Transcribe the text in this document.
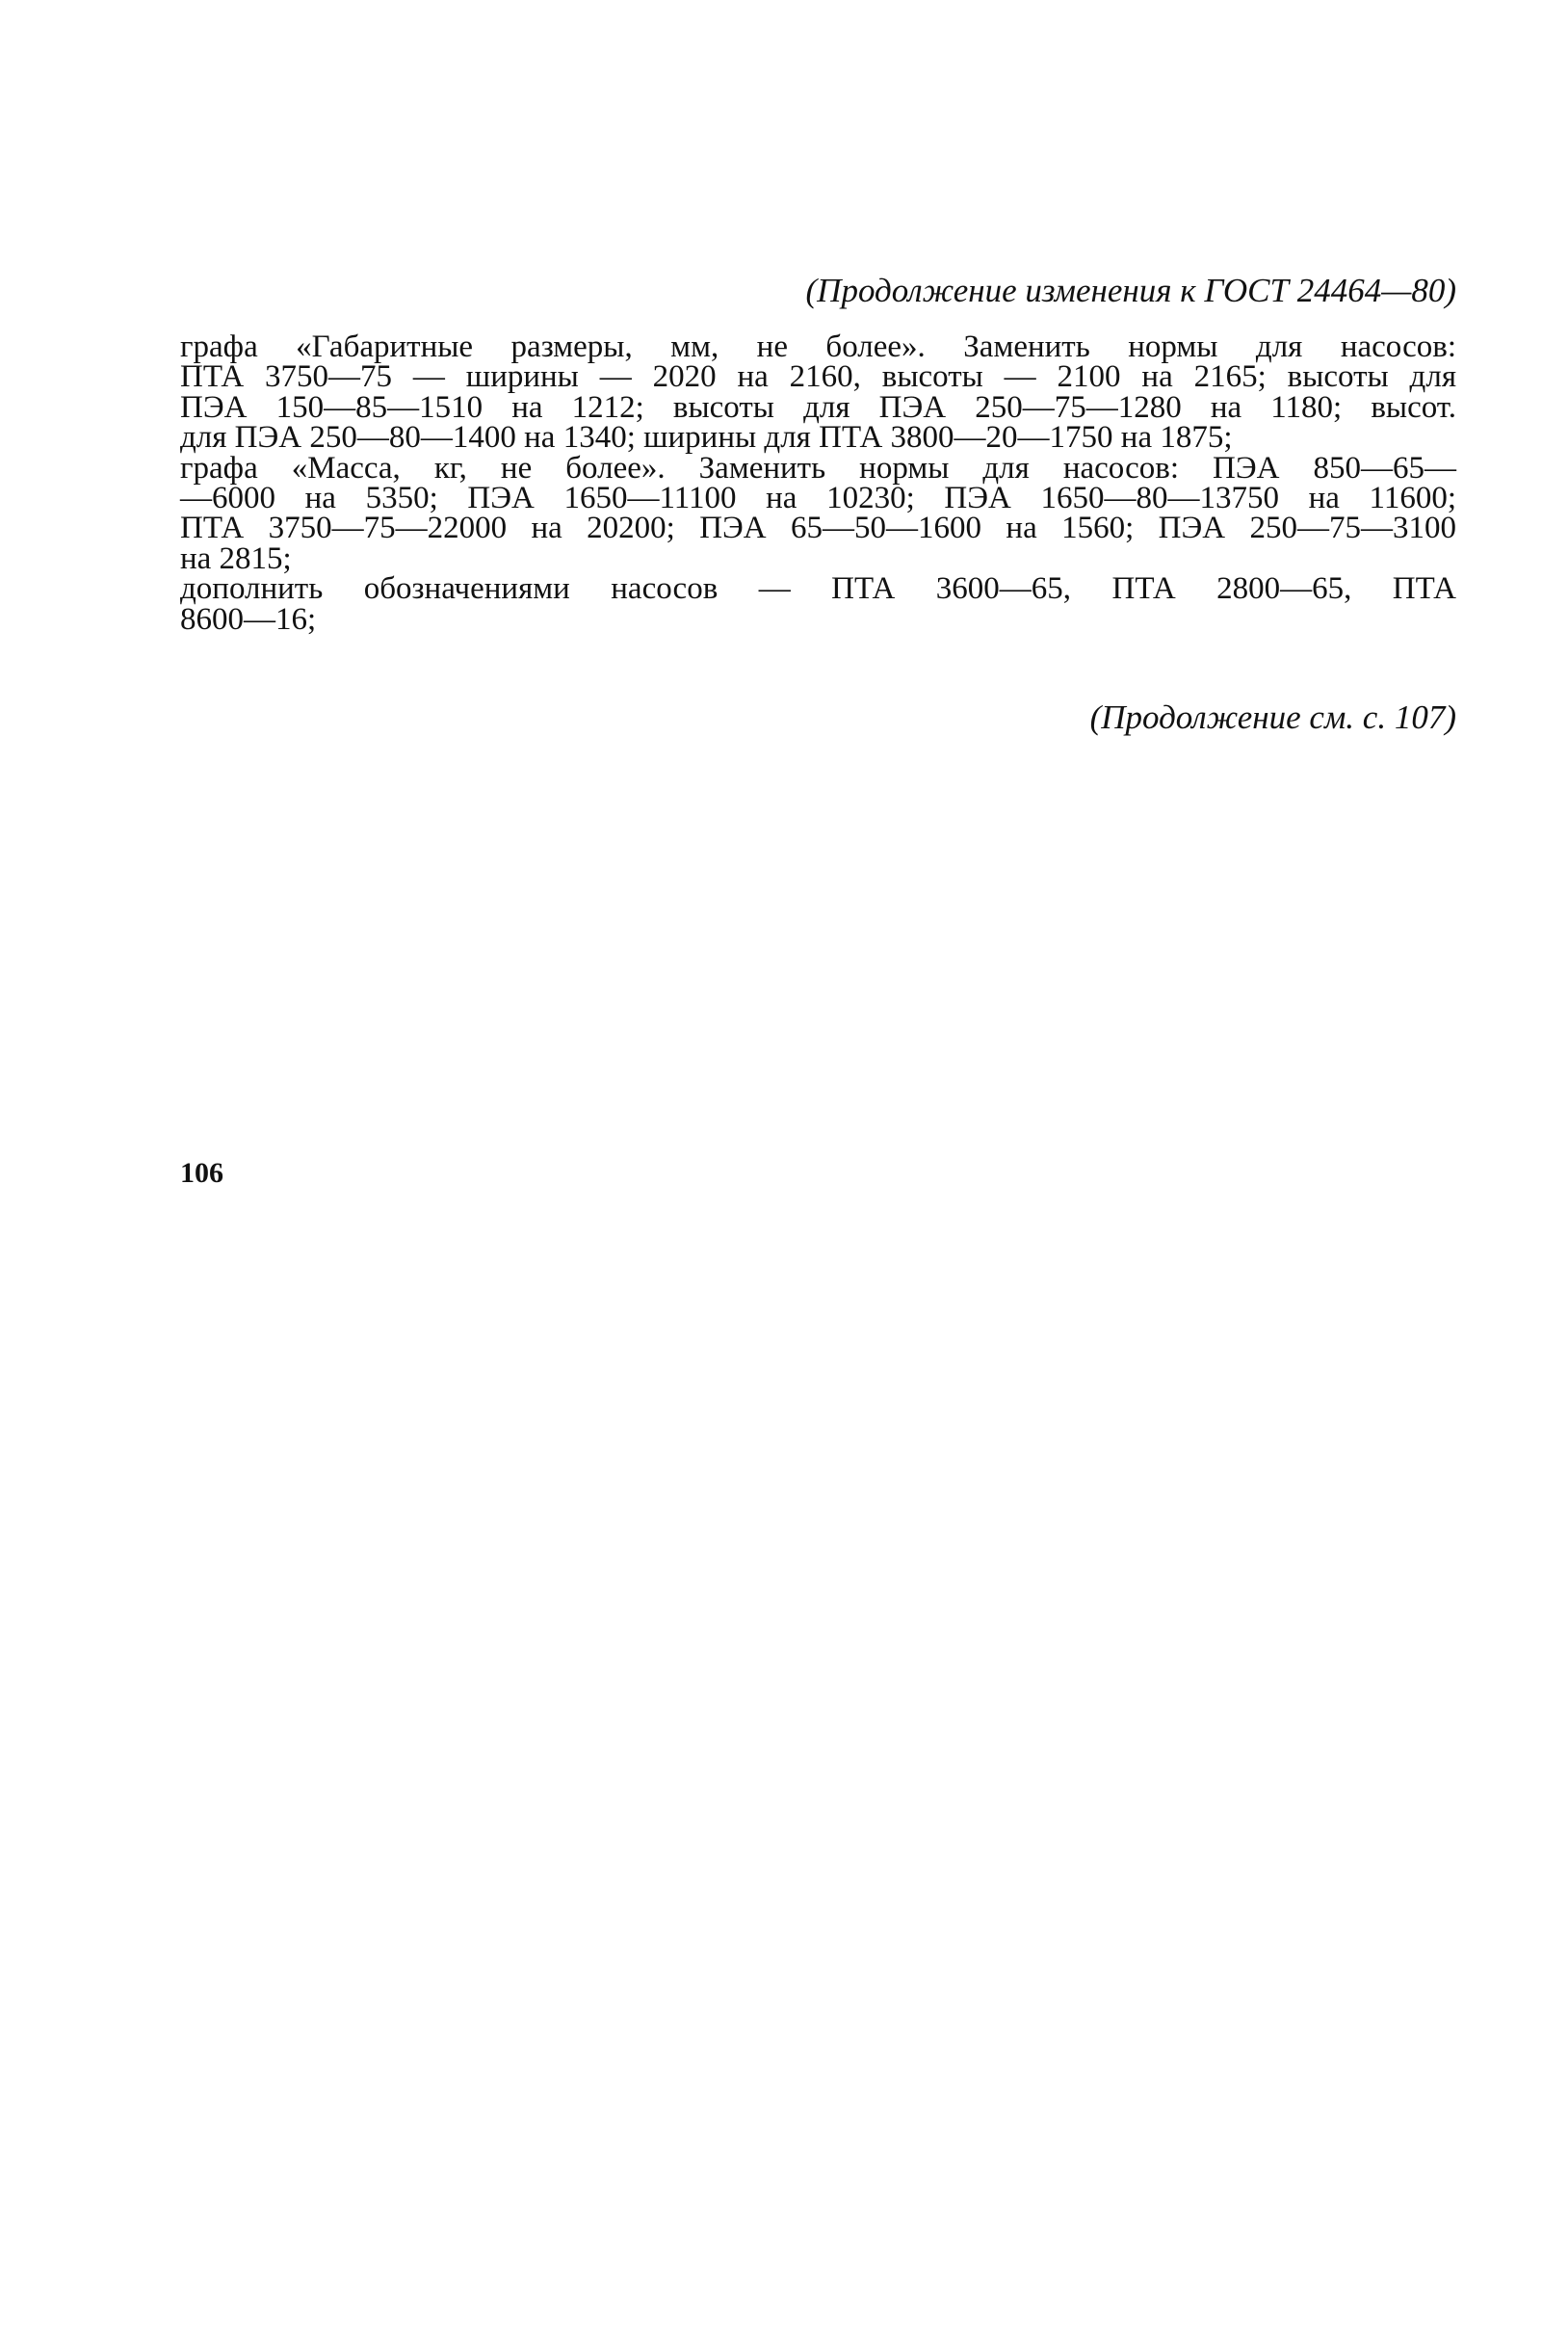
(Продолжение изменения к ГОСТ 24464—80)
графа «Габаритные размеры, мм, не более». Заменить нормы для насосов:
ПТА 3750—75 — ширины — 2020 на 2160, высоты — 2100 на 2165; высоты для
ПЭА 150—85—1510 на 1212; высоты для ПЭА 250—75—1280 на 1180; высот.
для ПЭА 250—80—1400 на 1340; ширины для ПТА 3800—20—1750 на 1875;
графа «Масса, кг, не более». Заменить нормы для насосов: ПЭА 850—65—
—6000 на 5350; ПЭА 1650—11100 на 10230; ПЭА 1650—80—13750 на 11600;
ПТА 3750—75—22000 на 20200; ПЭА 65—50—1600 на 1560; ПЭА 250—75—3100
на 2815;
дополнить обозначениями насосов — ПТА 3600—65, ПТА 2800—65, ПТА
8600—16;
(Продолжение см. с. 107)
106
